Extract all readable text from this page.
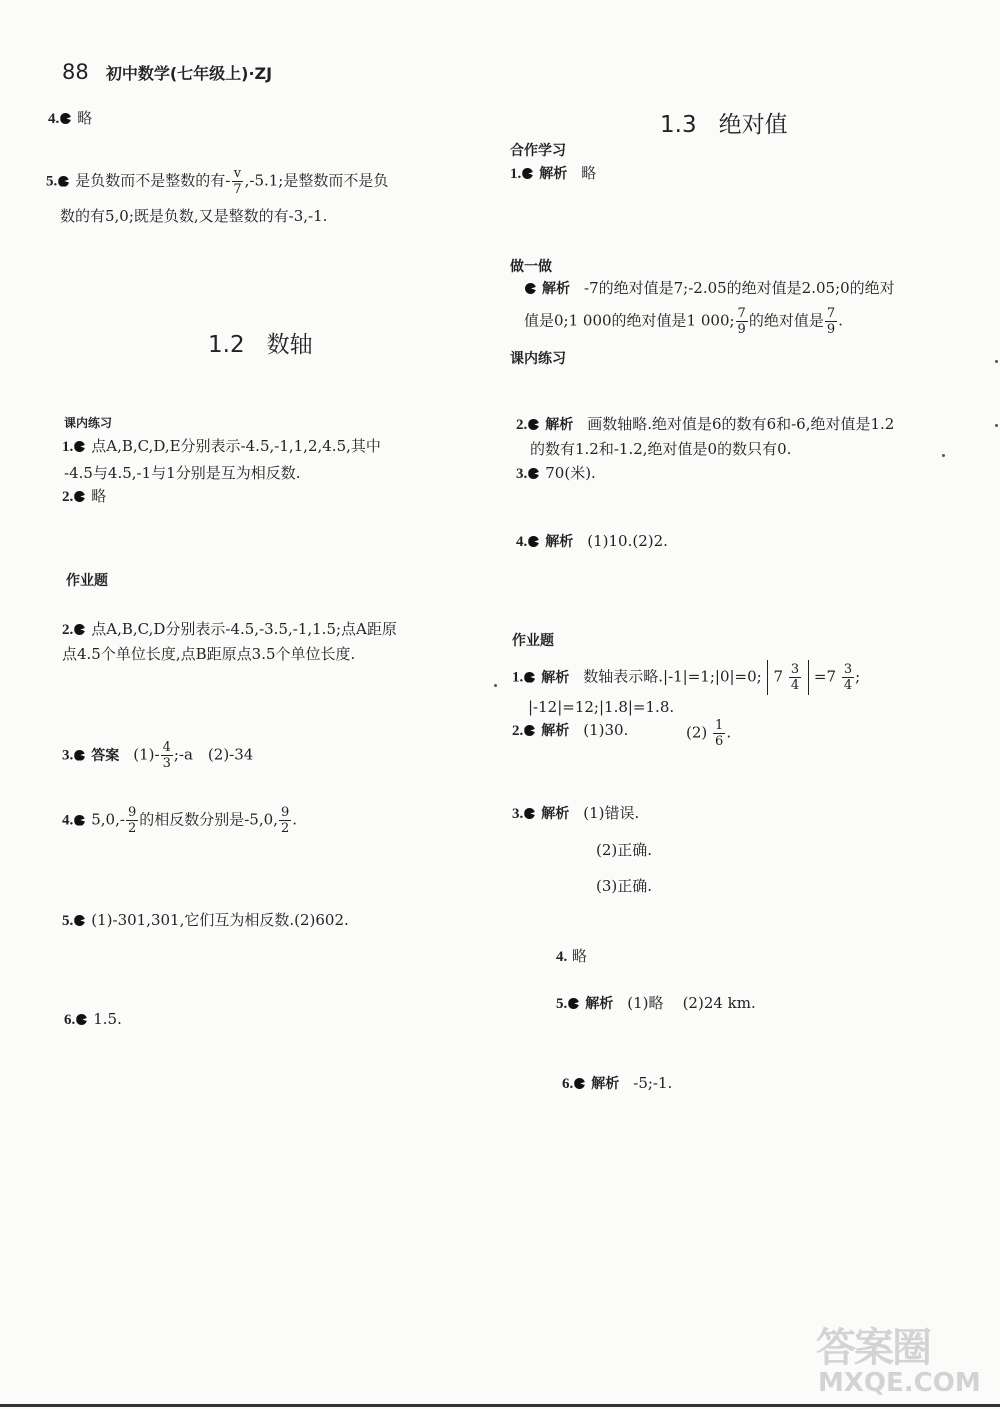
88 初中数学(七年级上)·ZJ
4. 略
5. 是负数而不是整数的有- $\frac{v}{7} ,-5.1$;是整数而不是负
数的有5,0;既是负数,又是整数的有-3,-1.
1.2 数轴
课内练习
1. 点A,B,C,D,E分别表示-4.5,-1,1,2,4.5,其中
-4.5与4.5,-1与1分别是互为相反数.
2. 略
作业题
2. 点A,B,C,D分别表示-4.5,-3.5,-1,1.5;点A距原
点4.5个单位长度,点B距原点3.5个单位长度.
3. 答案 $(1)- \frac{4}{3}$ ;-a　(2)-34
4. $5,0,- \frac{9}{2}$ 的相反数分别是-5,0, $\frac{9}{2}$ .
5. (1)-301,301,它们互为相反数.(2)602.
6. 1.5.
1.3 绝对值
合作学习
1. 解析 略
做一做
解析 -7的绝对值是7;-2.05的绝对值是2.05;0的绝对
值是0;1 000的绝对值是1 000; $\frac{7}{9}$ 的绝对值是 $\frac{7}{9}$ .
课内练习
2. 解析 画数轴略.绝对值是6的数有6和-6,绝对值是1.2
的数有1.2和-1.2,绝对值是0的数只有0.
3. 70(米).
4. 解析 (1)10.(2)2.
作业题
1. 解析 数轴表示略.|-1|=1;|0|=0; $7 \frac{3}{4} =7 \frac{3}{4}$ ;
|-12|=12;|1.8|=1.8.
2. 解析 (1)30.	$(2) \frac{1}{6}$ .
3. 解析 (1)错误.
(2)正确.
(3)正确.
4. 略
5. 解析 (1)略 (2)24 km.
6. 解析 -5;-1.
答案圈
MXQE.COM
